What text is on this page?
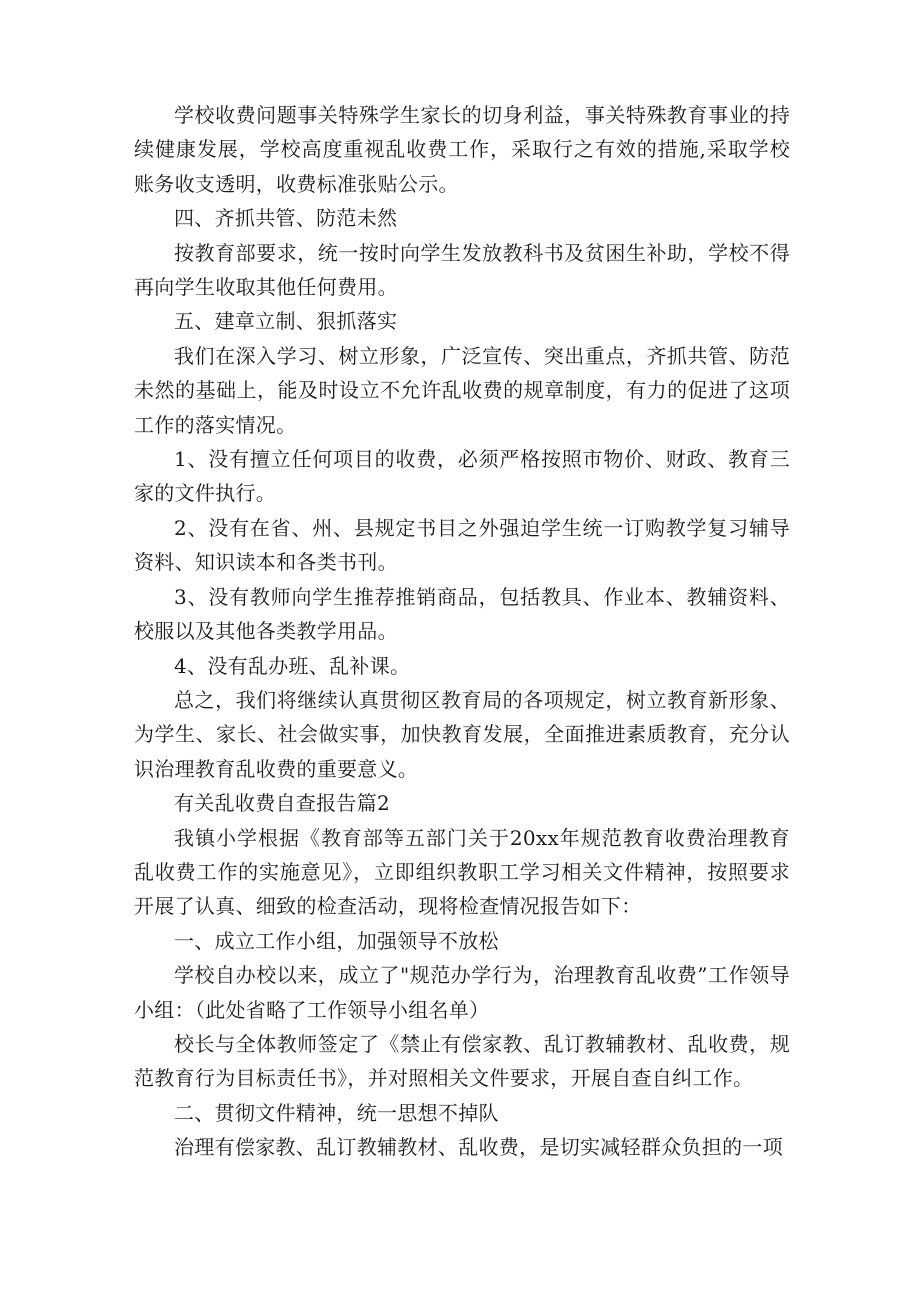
学校收费问题事关特殊学生家长的切身利益，事关特殊教育事业的持续健康发展，学校高度重视乱收费工作，采取行之有效的措施,采取学校账务收支透明，收费标准张贴公示。

四、齐抓共管、防范未然

按教育部要求，统一按时向学生发放教科书及贫困生补助，学校不得再向学生收取其他任何费用。

五、建章立制、狠抓落实

我们在深入学习、树立形象，广泛宣传、突出重点，齐抓共管、防范未然的基础上，能及时设立不允许乱收费的规章制度，有力的促进了这项工作的落实情况。

1、没有擅立任何项目的收费，必须严格按照市物价、财政、教育三家的文件执行。

2、没有在省、州、县规定书目之外强迫学生统一订购教学复习辅导资料、知识读本和各类书刊。

3、没有教师向学生推荐推销商品，包括教具、作业本、教辅资料、校服以及其他各类教学用品。

4、没有乱办班、乱补课。

总之，我们将继续认真贯彻区教育局的各项规定，树立教育新形象、为学生、家长、社会做实事，加快教育发展，全面推进素质教育，充分认识治理教育乱收费的重要意义。

有关乱收费自查报告篇2

我镇小学根据《教育部等五部门关于20xx年规范教育收费治理教育乱收费工作的实施意见》，立即组织教职工学习相关文件精神，按照要求开展了认真、细致的检查活动，现将检查情况报告如下：

一、成立工作小组，加强领导不放松

学校自办校以来，成立了"规范办学行为，治理教育乱收费”工作领导小组：（此处省略了工作领导小组名单）

校长与全体教师签定了《禁止有偿家教、乱订教辅教材、乱收费，规范教育行为目标责任书》，并对照相关文件要求，开展自查自纠工作。

二、贯彻文件精神，统一思想不掉队

治理有偿家教、乱订教辅教材、乱收费，是切实减轻群众负担的一项
